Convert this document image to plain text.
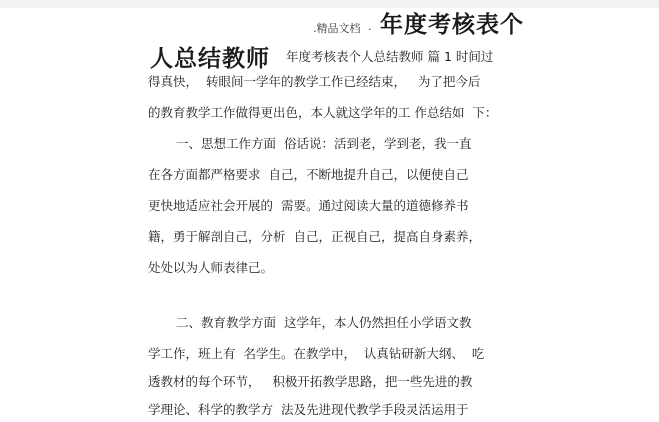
.精品文档 . 年度考核表个
人总结教师 年度考核表个人总结教师 篇 1 时间过
得真快，  转眼间一学年的教学工作已经结束，   为了把今后
的教育教学工作做得更出色，本人就这学年的工 作总结如  下：
一、思想工作方面  俗话说：活到老，学到老，我一直
在各方面都严格要求  自己，不断地提升自己，以便使自己
更快地适应社会开展的  需要。通过阅读大量的道德修养书
籍，勇于解剖自己，分析  自己，正视自己，提高自身素养，
处处以为人师表律己。
二、教育教学方面  这学年，本人仍然担任小学语文教
学工作，班上有  名学生。在教学中，  认真钻研新大纲、  吃
透教材的每个环节，   积极开拓教学思路，把一些先进的教
学理论、科学的教学方  法及先进现代教学手段灵活运用于
